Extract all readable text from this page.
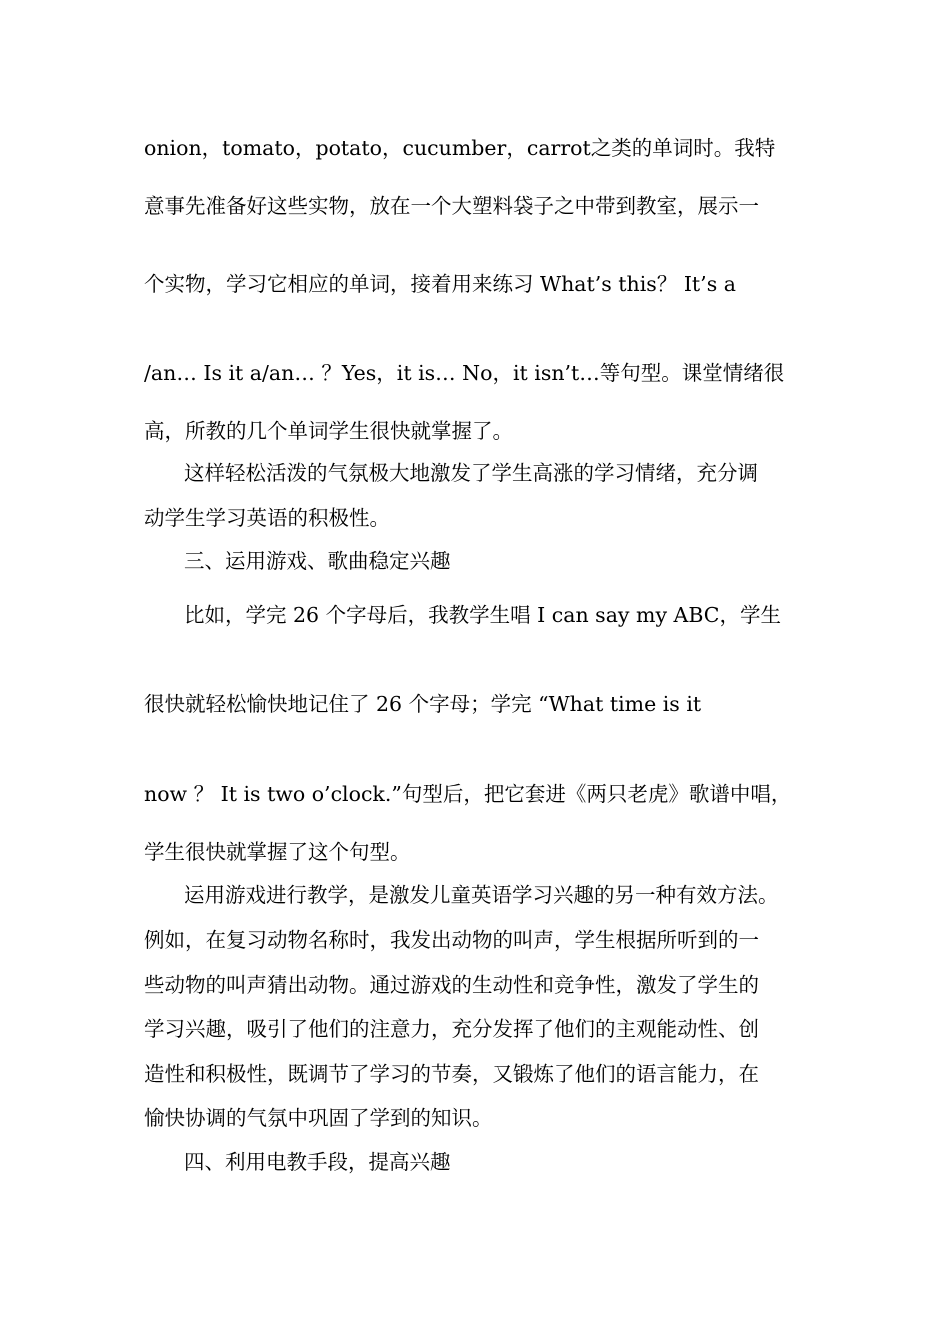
onion，tomato，potato，cucumber，carrot之类的单词时。我特
意事先准备好这些实物，放在一个大塑料袋子之中带到教室，展示一
个实物，学习它相应的单词，接着用来练习 What’s this？ It’s a
/an… Is it a/an… ？Yes，it is… No，it isn’t…等句型。课堂情绪很
高，所教的几个单词学生很快就掌握了。
这样轻松活泼的气氛极大地激发了学生高涨的学习情绪，充分调
动学生学习英语的积极性。
三、运用游戏、歌曲稳定兴趣
比如，学完 26 个字母后，我教学生唱 I can say my ABC，学生
很快就轻松愉快地记住了 26 个字母；学完 “What time is it
now ？ It is two o’clock.”句型后，把它套进《两只老虎》歌谱中唱，
学生很快就掌握了这个句型。
运用游戏进行教学，是激发儿童英语学习兴趣的另一种有效方法。
例如，在复习动物名称时，我发出动物的叫声，学生根据所听到的一
些动物的叫声猜出动物。通过游戏的生动性和竞争性，激发了学生的
学习兴趣，吸引了他们的注意力，充分发挥了他们的主观能动性、创
造性和积极性，既调节了学习的节奏，又锻炼了他们的语言能力，在
愉快协调的气氛中巩固了学到的知识。
四、利用电教手段，提高兴趣
